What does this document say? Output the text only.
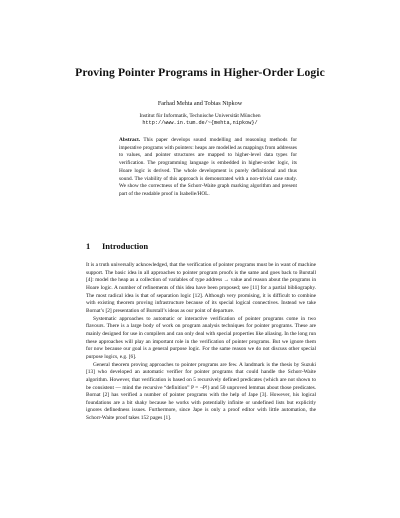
Proving Pointer Programs in Higher-Order Logic
Farhad Mehta and Tobias Nipkow
Institut für Informatik, Technische Universität München
http://www.in.tum.de/~{mehta,nipkow}/
Abstract. This paper develops sound modelling and reasoning methods for imperative programs with pointers: heaps are modelled as mappings from addresses to values, and pointer structures are mapped to higher-level data types for verification. The programming language is embedded in higher-order logic, its Hoare logic is derived. The whole development is purely definitional and thus sound. The viability of this approach is demonstrated with a non-trivial case study. We show the correctness of the Schorr-Waite graph marking algorithm and present part of the readable proof in Isabelle/HOL.
1 Introduction

It is a truth universally acknowledged, that the verification of pointer programs must be in want of machine support. The basic idea in all approaches to pointer program proofs is the same and goes back to Burstall [4]: model the heap as a collection of variables of type address → value and reason about the programs in Hoare logic. A number of refinements of this idea have been proposed; see [11] for a partial bibliography. The most radical idea is that of separation logic [12]. Although very promising, it is difficult to combine with existing theorem proving infrastructure because of its special logical connectives. Instead we take Bornat’s [2] presentation of Burstall’s ideas as our point of departure.

Systematic approaches to automatic or interactive verification of pointer programs come in two flavours. There is a large body of work on program analysis techniques for pointer programs. These are mainly designed for use in compilers and can only deal with special properties like aliasing. In the long run these approaches will play an important role in the verification of pointer programs. But we ignore them for now because our goal is a general purpose logic. For the same reason we do not discuss other special purpose logics, e.g. [6].

General theorem proving approaches to pointer programs are few. A landmark is the thesis by Suzuki [13] who developed an automatic verifier for pointer programs that could handle the Schorr-Waite algorithm. However, that verification is based on 5 recursively defined predicates (which are not shown to be consistent — mind the recursive “definition” P = ¬P!) and 50 unproved lemmas about those predicates. Bornat [2] has verified a number of pointer programs with the help of Jape [3]. However, his logical foundations are a bit shaky because he works with potentially infinite or undefined lists but explicitly ignores definedness issues. Furthermore, since Jape is only a proof editor with little automation, the Schorr-Waite proof takes 152 pages [1].
